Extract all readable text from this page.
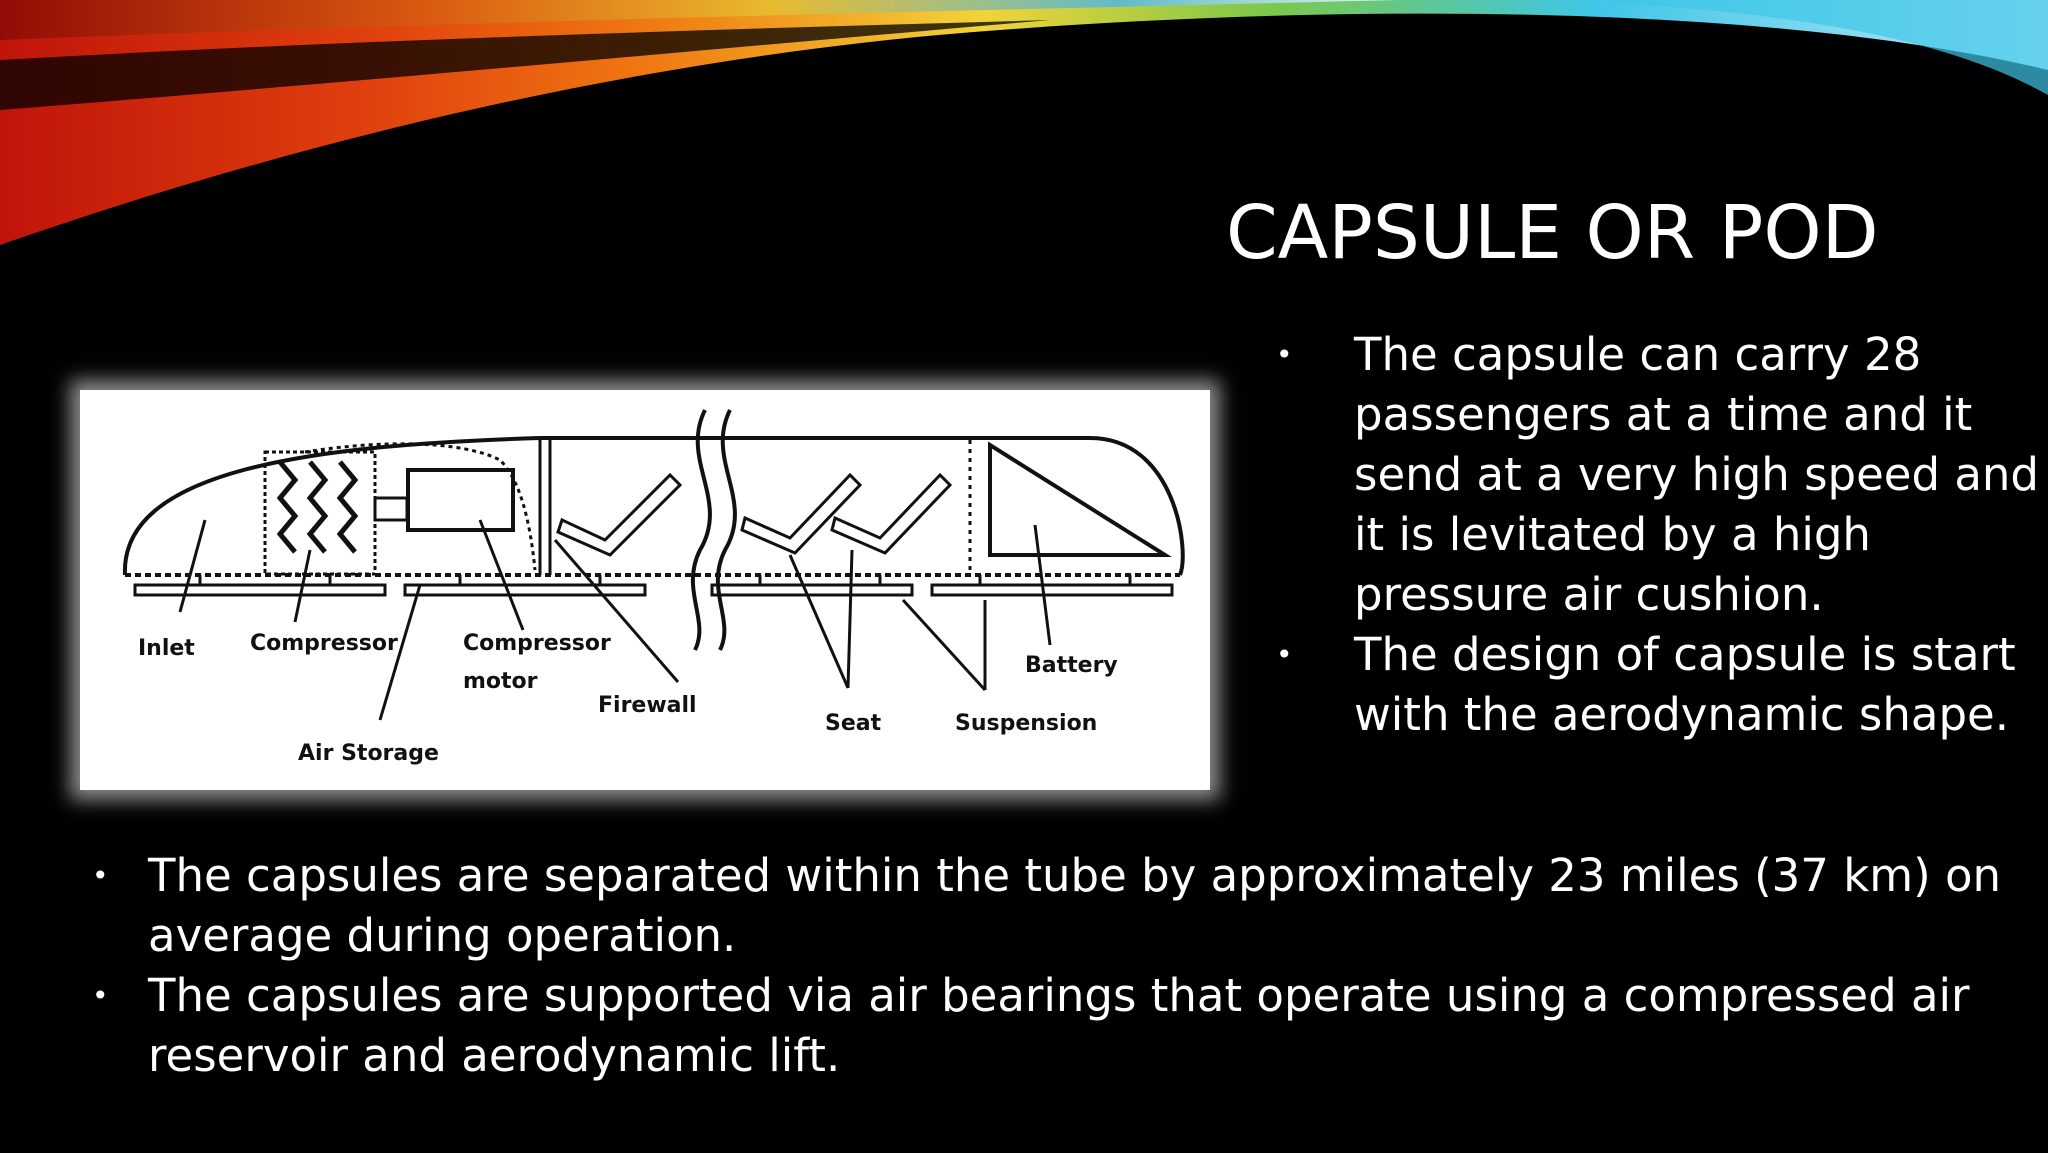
CAPSULE OR POD
• The capsule can carry 28 passengers at a time and it send at a very high speed and it is levitated by a high pressure air cushion.
• The design of capsule is start with the aerodynamic shape.
Inlet	Compressor	Compressor
motor
Firewall
Seat	Suspension
Battery
Air Storage
• The capsules are separated within the tube by approximately 23 miles (37 km) on average during operation.
• The capsules are supported via air bearings that operate using a compressed air reservoir and aerodynamic lift.
